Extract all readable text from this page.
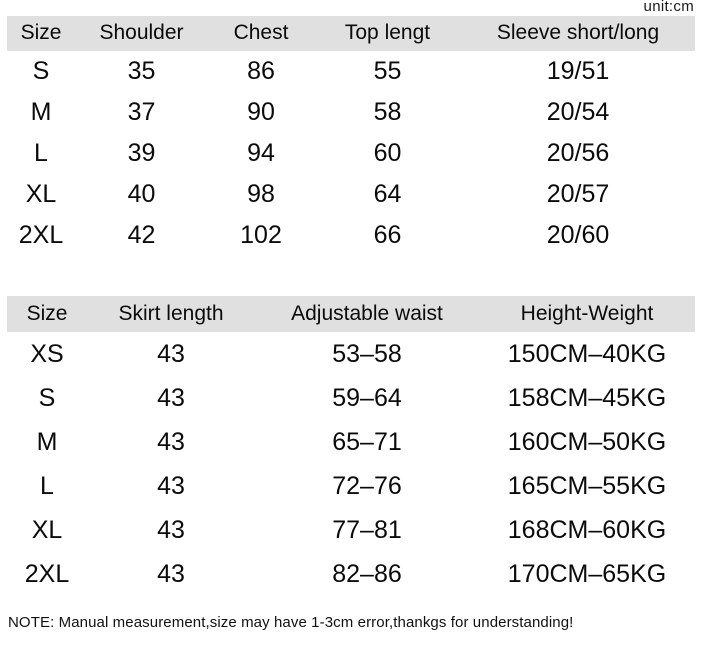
unit:cm
Size	Shoulder	Chest	Top lengt	Sleeve short/long
S	35	86	55	19/51
M	37	90	58	20/54
L	39	94	60	20/56
XL	40	98	64	20/57
2XL	42	102	66	20/60
Size	Skirt length	Adjustable waist	Height-Weight
XS	43	53–58	150CM–40KG
S	43	59–64	158CM–45KG
M	43	65–71	160CM–50KG
L	43	72–76	165CM–55KG
XL	43	77–81	168CM–60KG
2XL	43	82–86	170CM–65KG
NOTE: Manual measurement,size may have 1-3cm error,thankgs for understanding!
